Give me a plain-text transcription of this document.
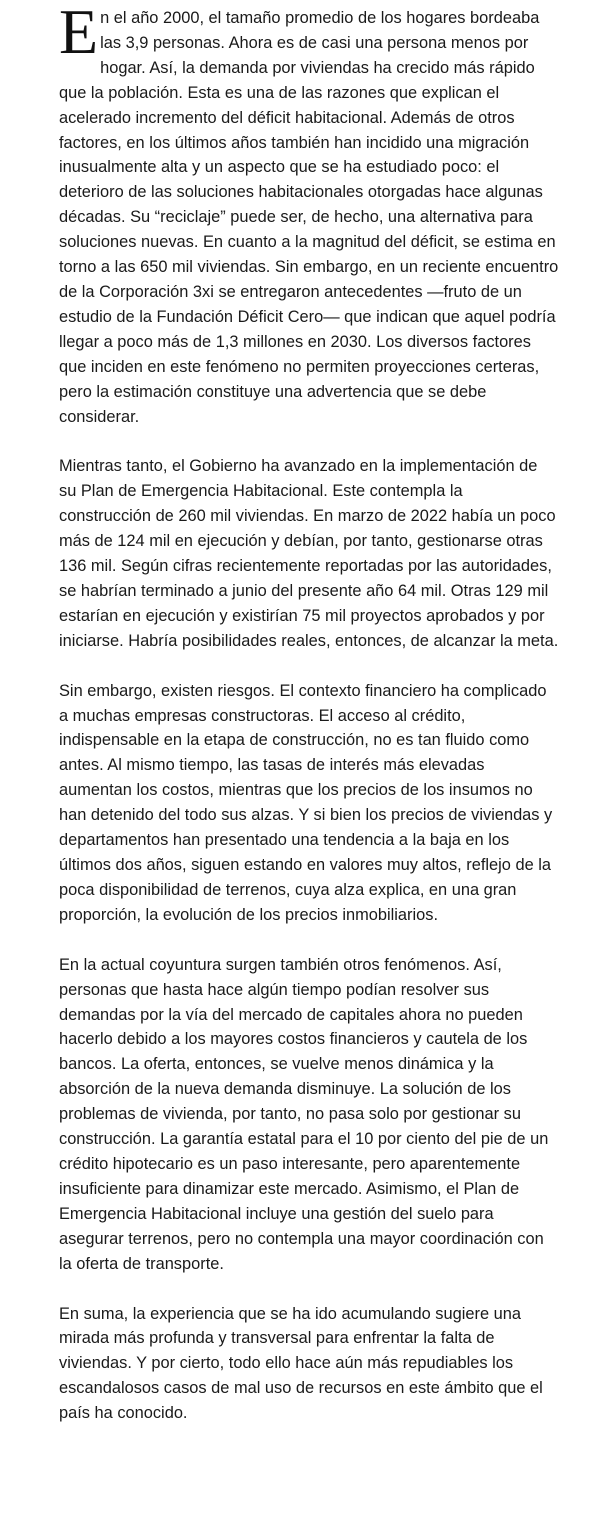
En el año 2000, el tamaño promedio de los hogares bordeaba las 3,9 personas. Ahora es de casi una persona menos por hogar. Así, la demanda por viviendas ha crecido más rápido que la población. Esta es una de las razones que explican el acelerado incremento del déficit habitacional. Además de otros factores, en los últimos años también han incidido una migración inusualmente alta y un aspecto que se ha estudiado poco: el deterioro de las soluciones habitacionales otorgadas hace algunas décadas. Su “reciclaje” puede ser, de hecho, una alternativa para soluciones nuevas. En cuanto a la magnitud del déficit, se estima en torno a las 650 mil viviendas. Sin embargo, en un reciente encuentro de la Corporación 3xi se entregaron antecedentes —fruto de un estudio de la Fundación Déficit Cero— que indican que aquel podría llegar a poco más de 1,3 millones en 2030. Los diversos factores que inciden en este fenómeno no permiten proyecciones certeras, pero la estimación constituye una advertencia que se debe considerar.

Mientras tanto, el Gobierno ha avanzado en la implementación de su Plan de Emergencia Habitacional. Este contempla la construcción de 260 mil viviendas. En marzo de 2022 había un poco más de 124 mil en ejecución y debían, por tanto, gestionarse otras 136 mil. Según cifras recientemente reportadas por las autoridades, se habrían terminado a junio del presente año 64 mil. Otras 129 mil estarían en ejecución y existirían 75 mil proyectos aprobados y por iniciarse. Habría posibilidades reales, entonces, de alcanzar la meta.

Sin embargo, existen riesgos. El contexto financiero ha complicado a muchas empresas constructoras. El acceso al crédito, indispensable en la etapa de construcción, no es tan fluido como antes. Al mismo tiempo, las tasas de interés más elevadas aumentan los costos, mientras que los precios de los insumos no han detenido del todo sus alzas. Y si bien los precios de viviendas y departamentos han presentado una tendencia a la baja en los últimos dos años, siguen estando en valores muy altos, reflejo de la poca disponibilidad de terrenos, cuya alza explica, en una gran proporción, la evolución de los precios inmobiliarios.

En la actual coyuntura surgen también otros fenómenos. Así, personas que hasta hace algún tiempo podían resolver sus demandas por la vía del mercado de capitales ahora no pueden hacerlo debido a los mayores costos financieros y cautela de los bancos. La oferta, entonces, se vuelve menos dinámica y la absorción de la nueva demanda disminuye. La solución de los problemas de vivienda, por tanto, no pasa solo por gestionar su construcción. La garantía estatal para el 10 por ciento del pie de un crédito hipotecario es un paso interesante, pero aparentemente insuficiente para dinamizar este mercado. Asimismo, el Plan de Emergencia Habitacional incluye una gestión del suelo para asegurar terrenos, pero no contempla una mayor coordinación con la oferta de transporte.

En suma, la experiencia que se ha ido acumulando sugiere una mirada más profunda y transversal para enfrentar la falta de viviendas. Y por cierto, todo ello hace aún más repudiables los escandalosos casos de mal uso de recursos en este ámbito que el país ha conocido.
